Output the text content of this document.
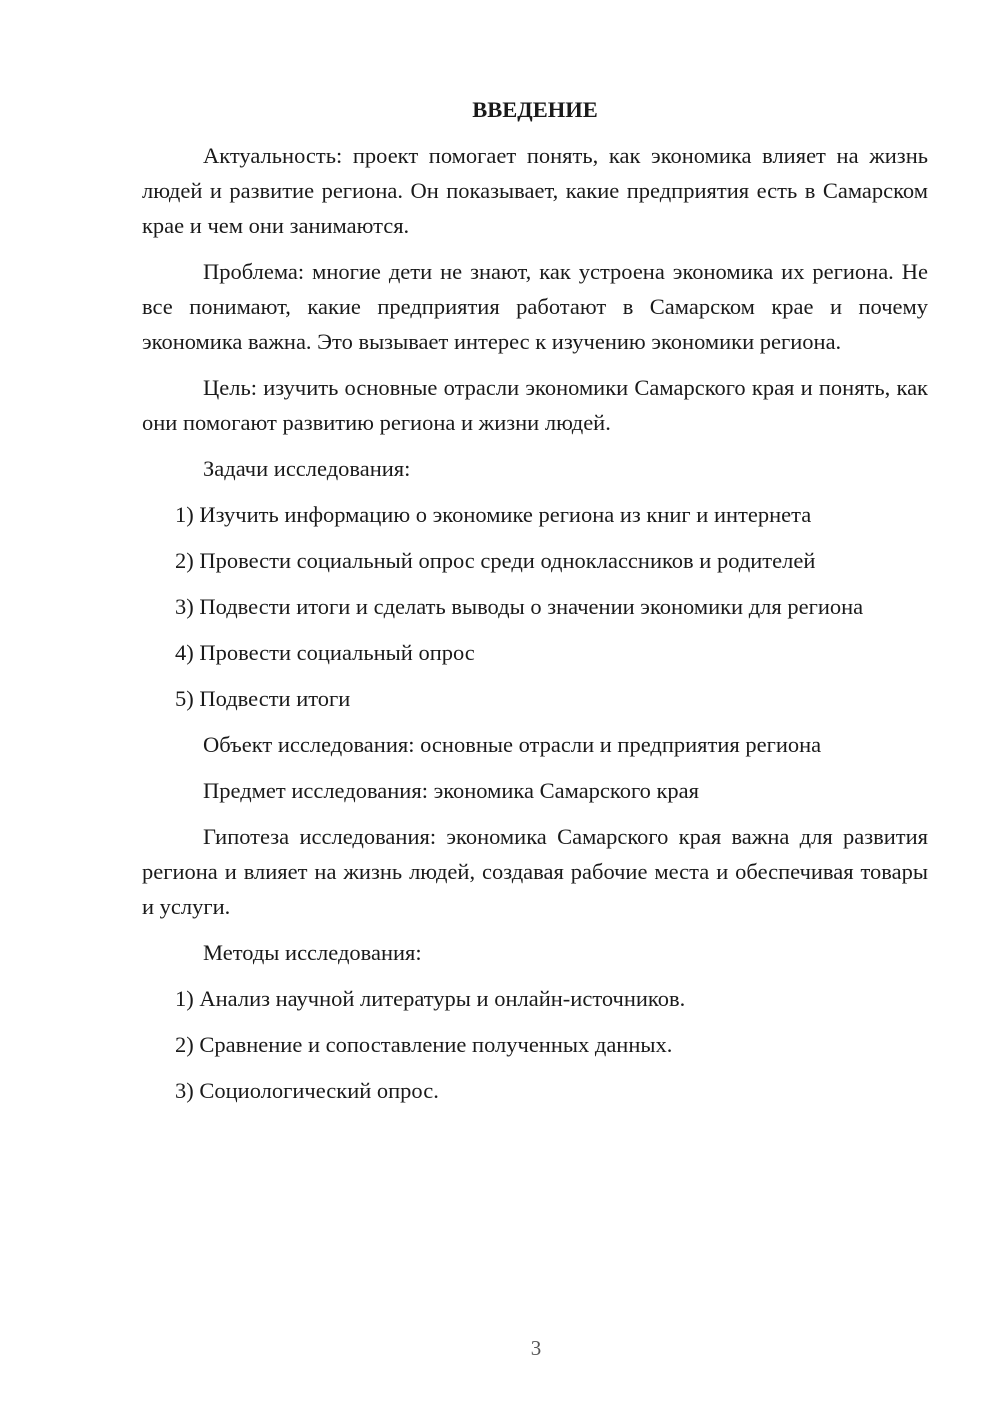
ВВЕДЕНИЕ

Актуальность: проект помогает понять, как экономика влияет на жизнь людей и развитие региона. Он показывает, какие предприятия есть в Самарском крае и чем они занимаются.

Проблема: многие дети не знают, как устроена экономика их региона. Не все понимают, какие предприятия работают в Самарском крае и почему экономика важна. Это вызывает интерес к изучению экономики региона.

Цель: изучить основные отрасли экономики Самарского края и понять, как они помогают развитию региона и жизни людей.

Задачи исследования:

1) Изучить информацию о экономике региона из книг и интернета

2) Провести социальный опрос среди одноклассников и родителей

3) Подвести итоги и сделать выводы о значении экономики для региона

4) Провести социальный опрос

5) Подвести итоги

Объект исследования: основные отрасли и предприятия региона

Предмет исследования: экономика Самарского края

Гипотеза исследования: экономика Самарского края важна для развития региона и влияет на жизнь людей, создавая рабочие места и обеспечивая товары и услуги.

Методы исследования:

1) Анализ научной литературы и онлайн-источников.

2) Сравнение и сопоставление полученных данных.

3) Социологический опрос.

3
